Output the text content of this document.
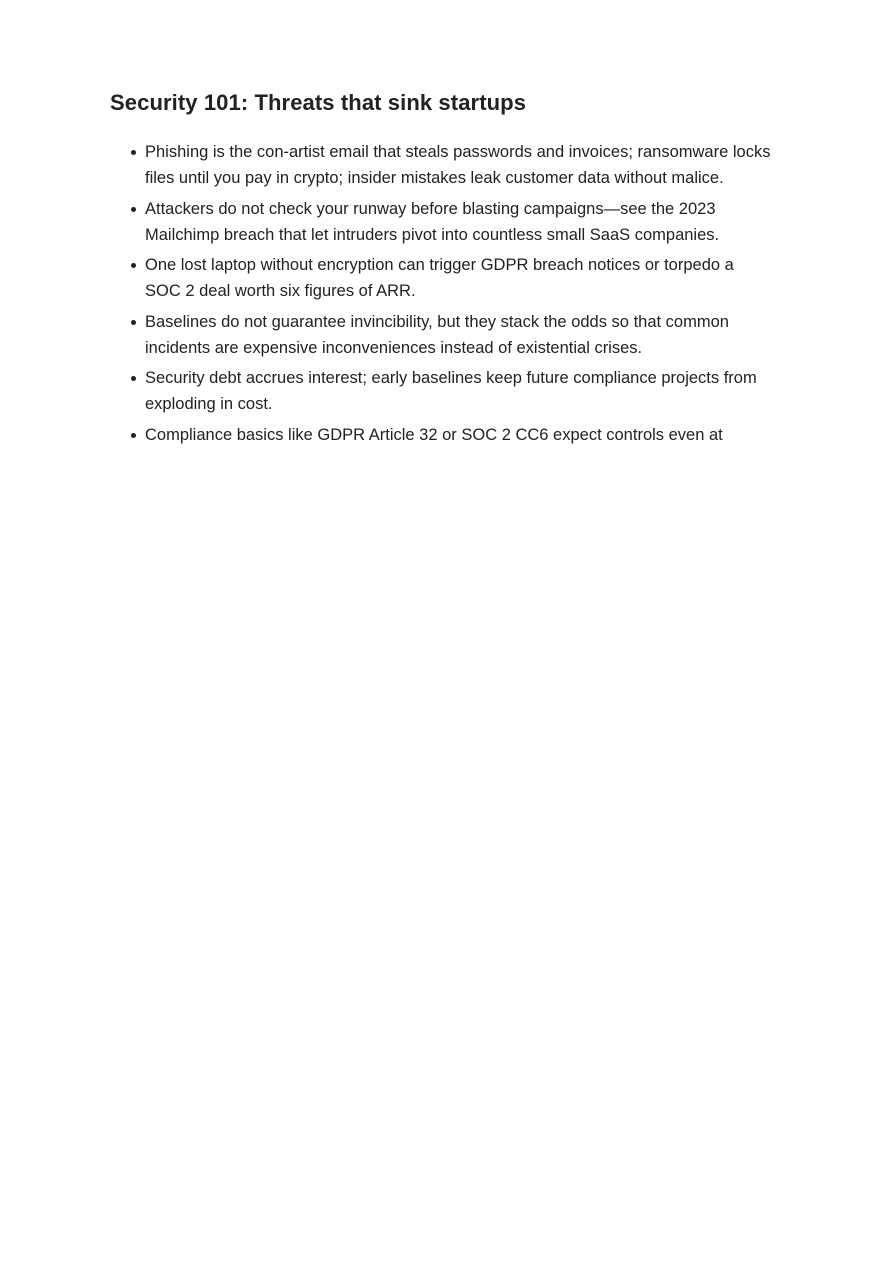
Security 101: Threats that sink startups
Phishing is the con-artist email that steals passwords and invoices; ransomware locks files until you pay in crypto; insider mistakes leak customer data without malice.
Attackers do not check your runway before blasting campaigns—see the 2023 Mailchimp breach that let intruders pivot into countless small SaaS companies.
One lost laptop without encryption can trigger GDPR breach notices or torpedo a SOC 2 deal worth six figures of ARR.
Baselines do not guarantee invincibility, but they stack the odds so that common incidents are expensive inconveniences instead of existential crises.
Security debt accrues interest; early baselines keep future compliance projects from exploding in cost.
Compliance basics like GDPR Article 32 or SOC 2 CC6 expect controls even at
